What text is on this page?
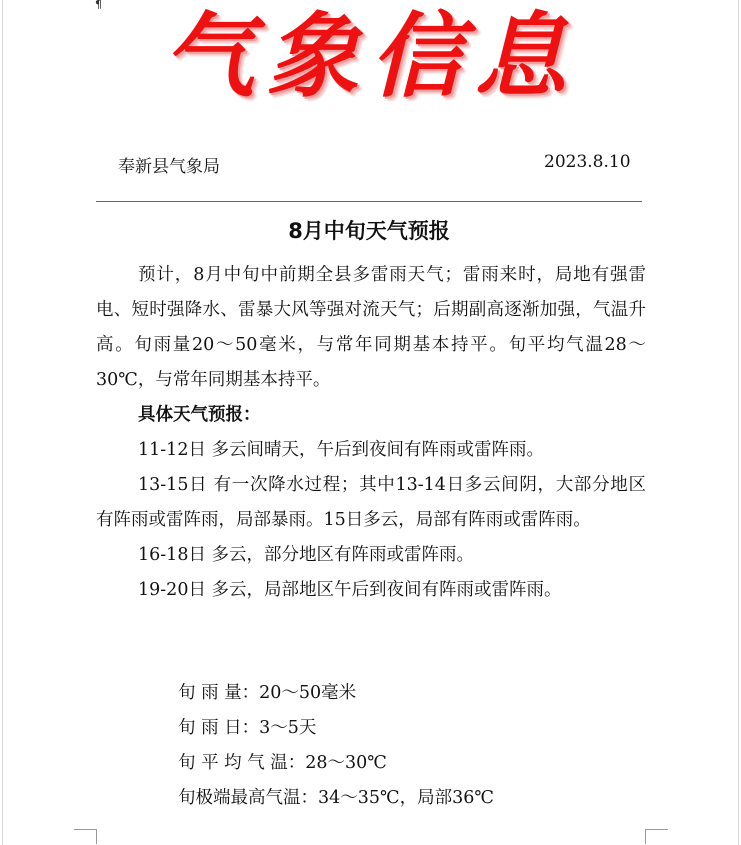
¶ 气象信息
奉新县气象局	2023.8.10
8月中旬天气预报

预计，8月中旬中前期全县多雷雨天气；雷雨来时，局地有强雷电、短时强降水、雷暴大风等强对流天气；后期副高逐渐加强，气温升高。旬雨量20～50毫米，与常年同期基本持平。旬平均气温28～30℃，与常年同期基本持平。

具体天气预报：

11-12日 多云间晴天，午后到夜间有阵雨或雷阵雨。

13-15日 有一次降水过程；其中13-14日多云间阴，大部分地区有阵雨或雷阵雨，局部暴雨。15日多云，局部有阵雨或雷阵雨。

16-18日 多云，部分地区有阵雨或雷阵雨。

19-20日 多云，局部地区午后到夜间有阵雨或雷阵雨。

旬 雨 量：20～50毫米
旬 雨 日：3～5天
旬 平 均 气 温：28～30℃
旬极端最高气温：34～35℃，局部36℃
